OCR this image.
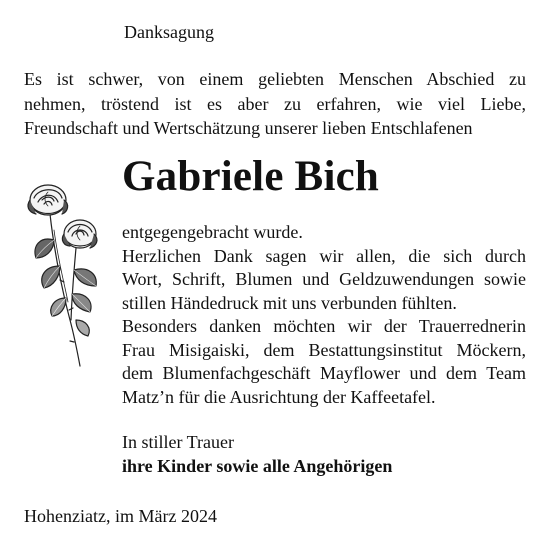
Danksagung

Es ist schwer, von einem geliebten Menschen Abschied zu
nehmen, tröstend ist es aber zu erfahren, wie viel Liebe,
Freundschaft und Wertschätzung unserer lieben Entschlafenen

Gabriele Bich

entgegengebracht wurde.
Herzlichen Dank sagen wir allen, die sich durch
Wort, Schrift, Blumen und Geldzuwendungen sowie
stillen Händedruck mit uns verbunden fühlten.
Besonders danken möchten wir der Trauerrednerin
Frau Misigaiski, dem Bestattungsinstitut Möckern,
dem Blumenfachgeschäft Mayflower und dem Team
Matz’n für die Ausrichtung der Kaffeetafel.

In stiller Trauer
ihre Kinder sowie alle Angehörigen

Hohenziatz, im März 2024
